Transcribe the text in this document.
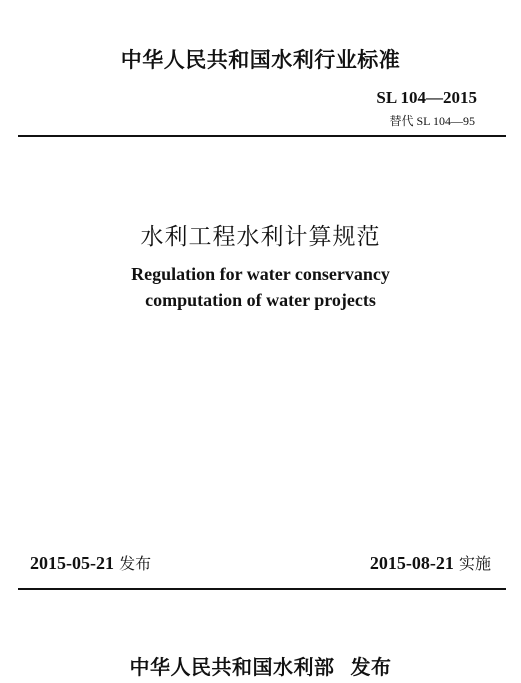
中华人民共和国水利行业标准
SL 104—2015
替代 SL 104—95
水利工程水利计算规范
Regulation for water conservancy
computation of water projects
2015-05-21 发布	2015-08-21 实施
中华人民共和国水利部 发布
